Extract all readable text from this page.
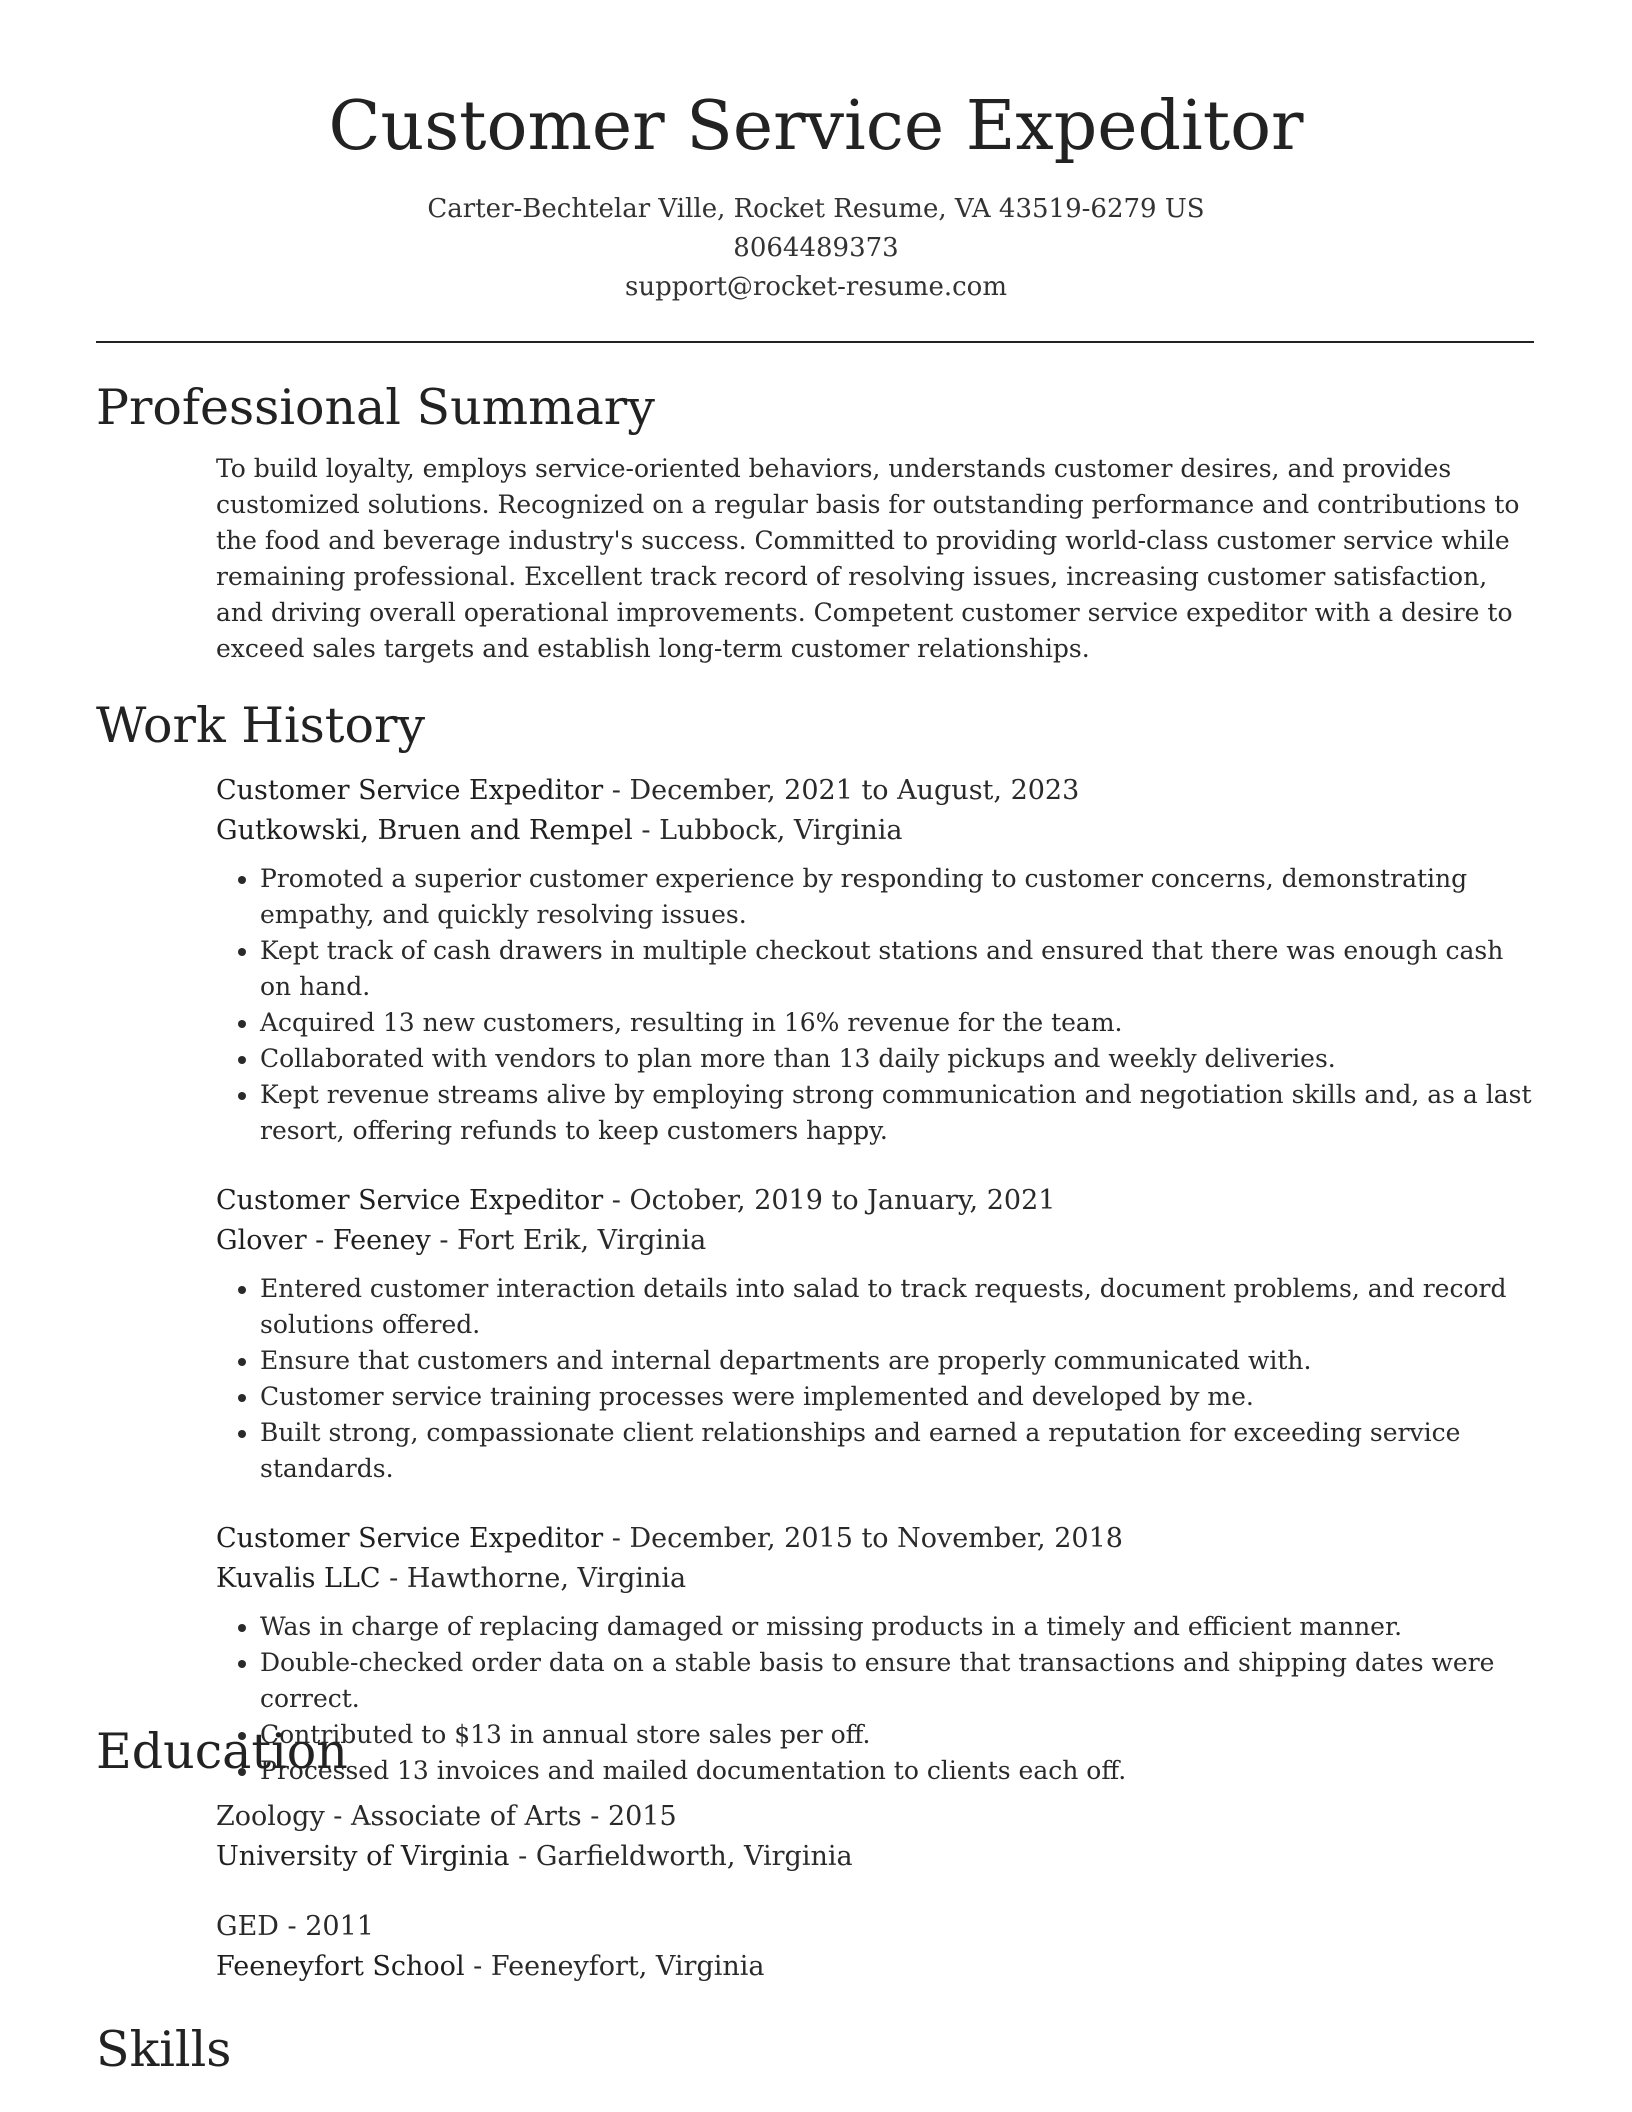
Customer Service Expeditor
Carter-Bechtelar Ville, Rocket Resume, VA 43519-6279 US
8064489373
support@rocket-resume.com
Professional Summary
To build loyalty, employs service-oriented behaviors, understands customer desires, and provides customized solutions. Recognized on a regular basis for outstanding performance and contributions to the food and beverage industry's success. Committed to providing world-class customer service while remaining professional. Excellent track record of resolving issues, increasing customer satisfaction, and driving overall operational improvements. Competent customer service expeditor with a desire to exceed sales targets and establish long-term customer relationships.
Work History
Customer Service Expeditor - December, 2021 to August, 2023
Gutkowski, Bruen and Rempel - Lubbock, Virginia
• Promoted a superior customer experience by responding to customer concerns, demonstrating empathy, and quickly resolving issues.
• Kept track of cash drawers in multiple checkout stations and ensured that there was enough cash on hand.
• Acquired 13 new customers, resulting in 16% revenue for the team.
• Collaborated with vendors to plan more than 13 daily pickups and weekly deliveries.
• Kept revenue streams alive by employing strong communication and negotiation skills and, as a last resort, offering refunds to keep customers happy.
Customer Service Expeditor - October, 2019 to January, 2021
Glover - Feeney - Fort Erik, Virginia
• Entered customer interaction details into salad to track requests, document problems, and record solutions offered.
• Ensure that customers and internal departments are properly communicated with.
• Customer service training processes were implemented and developed by me.
• Built strong, compassionate client relationships and earned a reputation for exceeding service standards.
Customer Service Expeditor - December, 2015 to November, 2018
Kuvalis LLC - Hawthorne, Virginia
• Was in charge of replacing damaged or missing products in a timely and efficient manner.
• Double-checked order data on a stable basis to ensure that transactions and shipping dates were correct.
• Contributed to $13 in annual store sales per off.
• Processed 13 invoices and mailed documentation to clients each off.
Education
Zoology - Associate of Arts - 2015
University of Virginia - Garfieldworth, Virginia
GED - 2011
Feeneyfort School - Feeneyfort, Virginia
Skills
